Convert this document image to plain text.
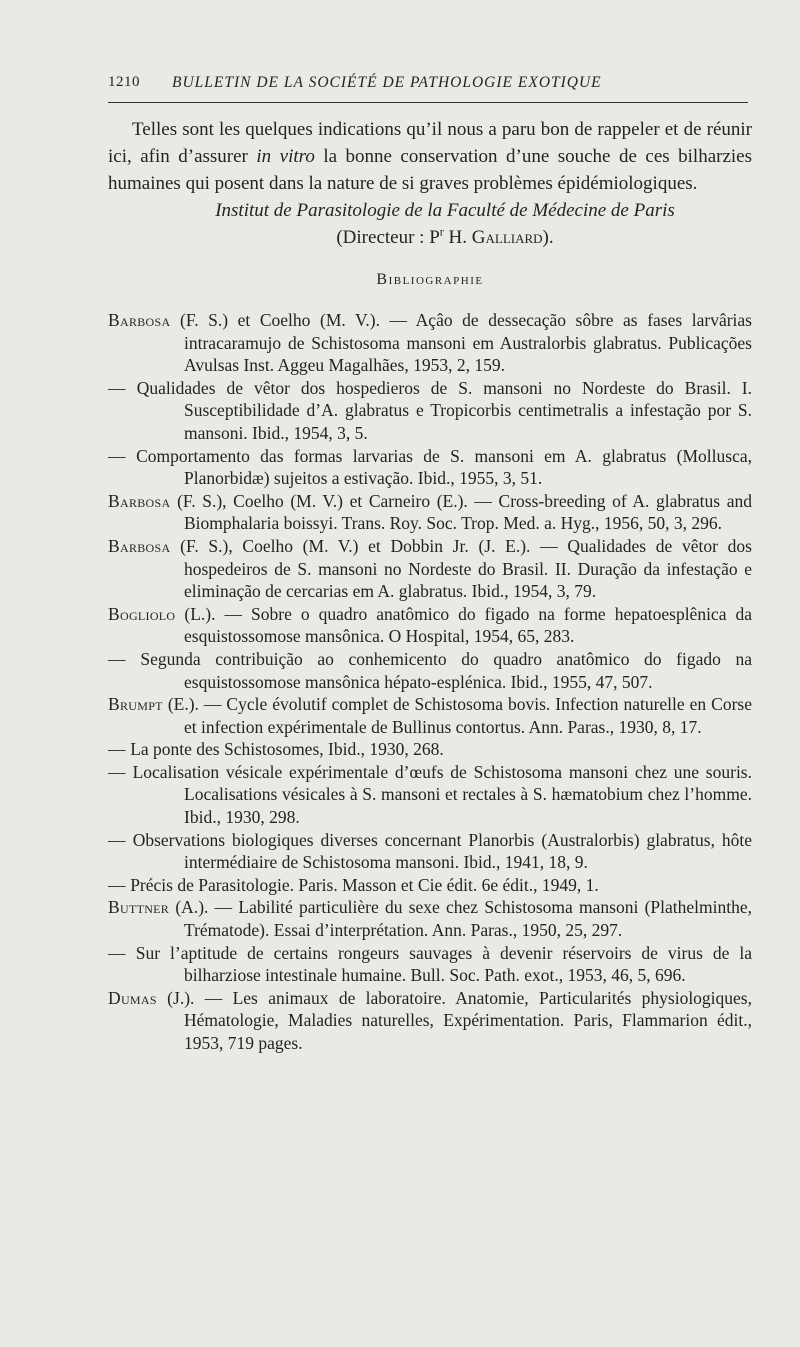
1210 BULLETIN DE LA SOCIÉTÉ DE PATHOLOGIE EXOTIQUE

Telles sont les quelques indications qu’il nous a paru bon de rappeler et de réunir ici, afin d’assurer in vitro la bonne conservation d’une souche de ces bilharzies humaines qui posent dans la nature de si graves problèmes épidémiologiques.

Institut de Parasitologie de la Faculté de Médecine de Paris
(Directeur : $P^r$ H. Galliard).

Bibliographie
Barbosa (F. S.) et Coelho (M. V.). — Açâo de dessecação sôbre as fases larvârias intracaramujo de Schistosoma mansoni em Australorbis glabratus. Publicações Avulsas Inst. Aggeu Magalhães, 1953, 2, 159.
— Qualidades de vêtor dos hospedieros de S. mansoni no Nordeste do Brasil. I. Susceptibilidade d’A. glabratus e Tropicorbis centimetralis a infestação por S. mansoni. Ibid., 1954, 3, 5.
— Comportamento das formas larvarias de S. mansoni em A. glabratus (Mollusca, Planorbidæ) sujeitos a estivação. Ibid., 1955, 3, 51.
Barbosa (F. S.), Coelho (M. V.) et Carneiro (E.). — Cross-breeding of A. glabratus and Biomphalaria boissyi. Trans. Roy. Soc. Trop. Med. a. Hyg., 1956, 50, 3, 296.
Barbosa (F. S.), Coelho (M. V.) et Dobbin Jr. (J. E.). — Qualidades de vêtor dos hospedeiros de S. mansoni no Nordeste do Brasil. II. Duração da infestação e eliminação de cercarias em A. glabratus. Ibid., 1954, 3, 79.
Bogliolo (L.). — Sobre o quadro anatômico do figado na forme hepatoesplênica da esquistossomose mansônica. O Hospital, 1954, 65, 283.
— Segunda contribuição ao conhemicento do quadro anatômico do figado na esquistossomose mansônica hépato-esplénica. Ibid., 1955, 47, 507.
Brumpt (E.). — Cycle évolutif complet de Schistosoma bovis. Infection naturelle en Corse et infection expérimentale de Bullinus contortus. Ann. Paras., 1930, 8, 17.
— La ponte des Schistosomes, Ibid., 1930, 268.
— Localisation vésicale expérimentale d’œufs de Schistosoma mansoni chez une souris. Localisations vésicales à S. mansoni et rectales à S. hæmatobium chez l’homme. Ibid., 1930, 298.
— Observations biologiques diverses concernant Planorbis (Australorbis) glabratus, hôte intermédiaire de Schistosoma mansoni. Ibid., 1941, 18, 9.
— Précis de Parasitologie. Paris. Masson et Cie édit. 6e édit., 1949, 1.
Buttner (A.). — Labilité particulière du sexe chez Schistosoma mansoni (Plathelminthe, Trématode). Essai d’interprétation. Ann. Paras., 1950, 25, 297.
— Sur l’aptitude de certains rongeurs sauvages à devenir réservoirs de virus de la bilharziose intestinale humaine. Bull. Soc. Path. exot., 1953, 46, 5, 696.
Dumas (J.). — Les animaux de laboratoire. Anatomie, Particularités physiologiques, Hématologie, Maladies naturelles, Expérimentation. Paris, Flammarion édit., 1953, 719 pages.
